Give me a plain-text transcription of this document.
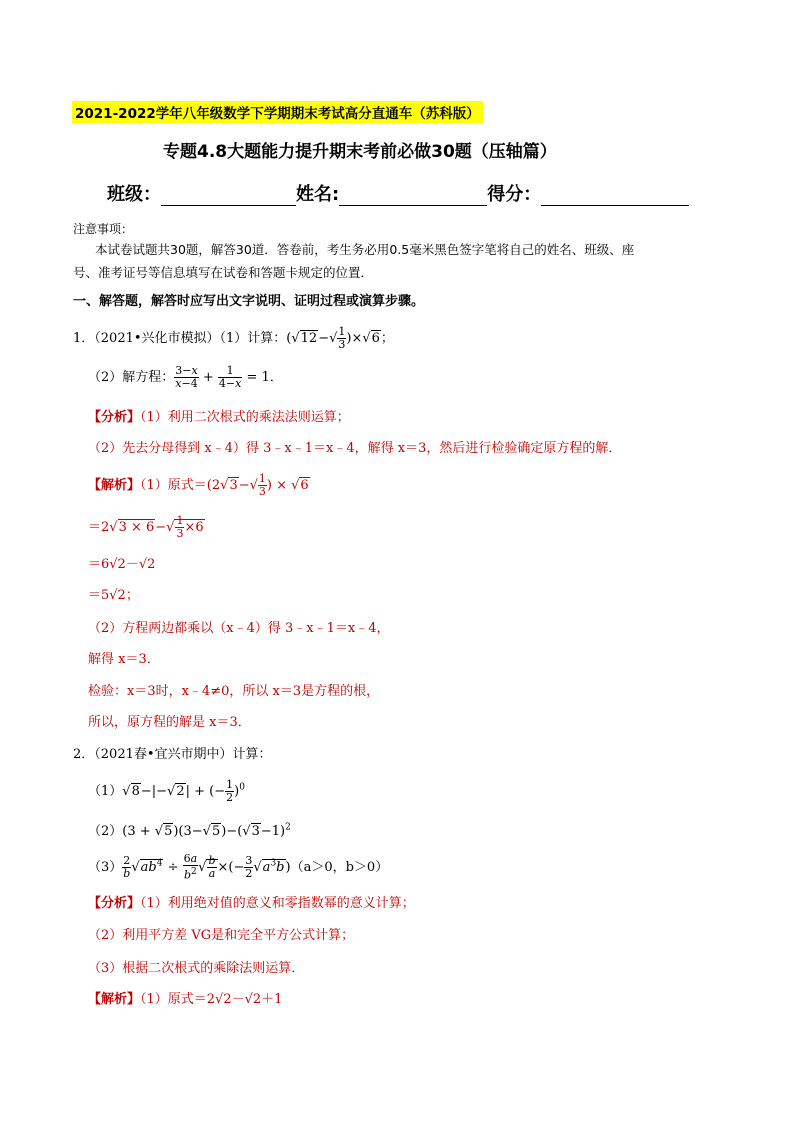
2021-2022学年八年级数学下学期期末考试高分直通车（苏科版）
专题4.8大题能力提升期末考前必做30题（压轴篇）
班级：	姓名:	得分：
注意事项：
本试卷试题共30题，解答30道．答卷前，考生务必用0.5毫米黑色签字笔将自己的姓名、班级、座
号、准考证号等信息填写在试卷和答题卡规定的位置．
一、解答题，解答时应写出文字说明、证明过程或演算步骤。
1．（2021•兴化市模拟）（1）计算：$(√12-√ \frac{1}{3} )\times√6$；
（2）解方程： $\frac{3-x}{x-4} + \frac{1}{4-x} = 1$．
【分析】（1）利用二次根式的乘法法则运算；
（2）先去分母得到 x﹣4）得 3﹣x﹣1＝x﹣4，解得 x＝3，然后进行检验确定原方程的解．
【解析】（1）原式$=(2√3-√ \frac{1}{3}$ ) × √6
$=2√3 \times 6-√ \frac{1}{3} \times 6$
＝6√2－√2
＝5√2；
（2）方程两边都乘以（x﹣4）得 3﹣x﹣1＝x﹣4，
解得 x＝3．
检验：x＝3时，x﹣4≠0，所以 x＝3是方程的根，
所以，原方程的解是 x＝3．
2．（2021春•宜兴市期中）计算：
（1）√8−|−√2| + (− $\frac{1}{2} )^0$
$(2)(3 + √5)(3-√5)-(√3-1)^2$
$(3) \frac{2}{b} √ab^4 \div \frac{6a}{b^2}$ √ $\frac{b}{a}$ ×(− $\frac{3}{2} √a^3b)(a>0$，b＞0）
【分析】（1）利用绝对值的意义和零指数幂的意义计算；
（2）利用平方差 VG是和完全平方公式计算；
（3）根据二次根式的乘除法则运算．
【解析】（1）原式＝2√2－√2＋1
